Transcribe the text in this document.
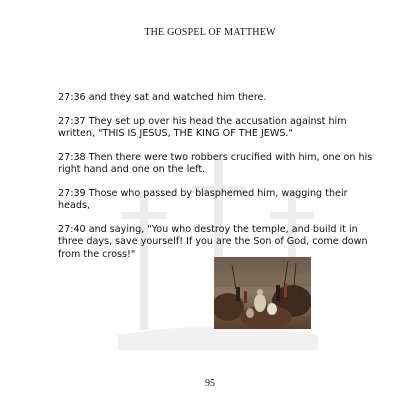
THE GOSPEL OF MATTHEW

27:36 and they sat and watched him there.

27:37 They set up over his head the accusation against him written, "THIS IS JESUS, THE KING OF THE JEWS."

27:38 Then there were two robbers crucified with him, one on his right hand and one on the left.

27:39 Those who passed by blasphemed him, wagging their heads,

27:40 and saying, "You who destroy the temple, and build it in three days, save yourself! If you are the Son of God, come down from the cross!"

95
